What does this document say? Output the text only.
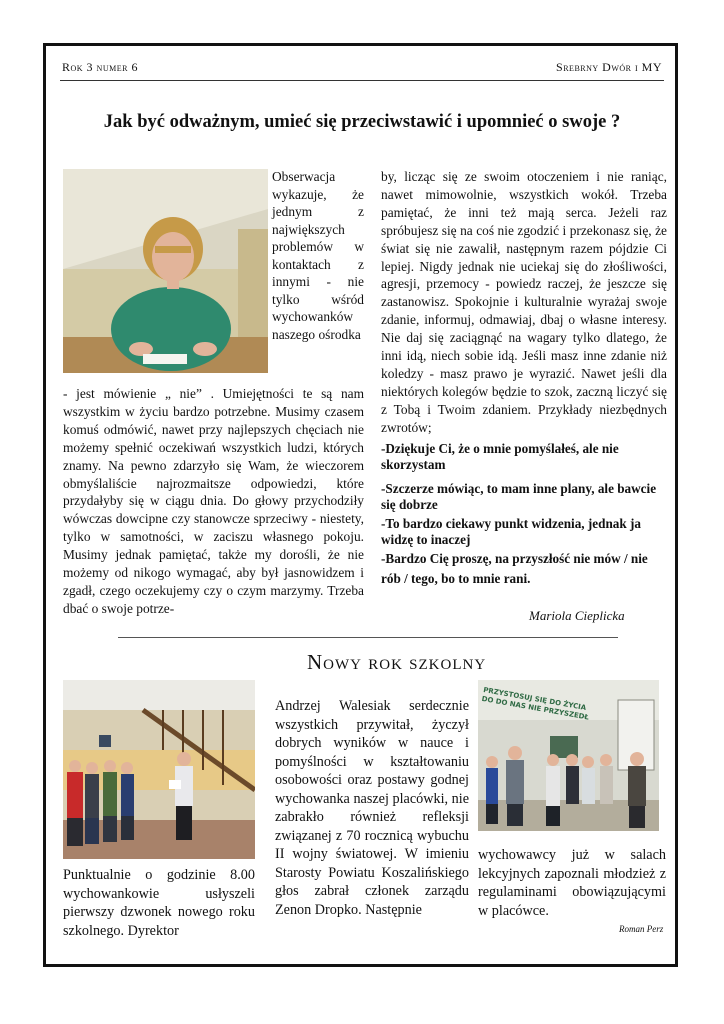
Rok 3 numer 6	Srebrny Dwór i MY
Jak być odważnym, umieć się przeciwstawić i upomnieć o swoje ?
Obserwacja wykazuje, że jednym z największych problemów w kontaktach z innymi - nie tylko wśród wychowanków naszego ośrodka
- jest mówienie „ nie” . Umiejętności te są nam wszystkim w życiu bardzo potrzebne. Musimy czasem komuś odmówić, nawet przy najlepszych chęciach nie możemy spełnić oczekiwań wszystkich ludzi, których znamy. Na pewno zdarzyło się Wam, że wieczorem obmyślaliście najrozmaitsze odpowiedzi, które przydałyby się w ciągu dnia. Do głowy przychodziły wówczas dowcipne czy stanowcze sprzeciwy - niestety, tylko w samotności, w zaciszu własnego pokoju. Musimy jednak pamiętać, także my dorośli, że nie możemy od nikogo wymagać, aby był jasnowidzem i zgadł, czego oczekujemy czy o czym marzymy. Trzeba dbać o swoje potrze-
by, licząc się ze swoim otoczeniem i nie raniąc, nawet mimowolnie, wszystkich wokół. Trzeba pamiętać, że inni też mają serca. Jeżeli raz spróbujesz się na coś nie zgodzić i przekonasz się, że świat się nie zawalił, następnym razem pójdzie Ci lepiej. Nigdy jednak nie uciekaj się do złośliwości, agresji, przemocy - powiedz raczej, że jeszcze się zastanowisz. Spokojnie i kulturalnie wyrażaj swoje zdanie, informuj, odmawiaj, dbaj o własne interesy. Nie daj się zaciągnąć na wagary tylko dlatego, że inni idą, niech sobie idą. Jeśli masz inne zdanie niż koledzy - masz prawo je wyrazić. Nawet jeśli dla niektórych kolegów będzie to szok, zaczną liczyć się z Tobą i Twoim zdaniem. Przykłady niezbędnych zwrotów;
-Dziękuje Ci, że o mnie pomyślałeś, ale nie skorzystam
-Szczerze mówiąc, to mam inne plany, ale bawcie się dobrze
-To bardzo ciekawy punkt widzenia, jednak ja widzę to inaczej
-Bardzo Cię proszę, na przyszłość nie mów / nie rób / tego, bo to mnie rani.
Mariola Cieplicka
Nowy rok szkolny
Punktualnie o godzinie 8.00 wychowankowie usłyszeli pierwszy dzwonek nowego roku szkolnego. Dyrektor
Andrzej Walesiak serdecznie wszystkich przywitał, życzył dobrych wyników w nauce i pomyślności w kształtowaniu osobowości oraz postawy godnej wychowanka naszej placówki, nie zabrakło również refleksji związanej z 70 rocznicą wybuchu II wojny światowej. W imieniu Starosty Powiatu Koszalińskiego głos zabrał członek zarządu Zenon Dropko. Następnie
PRZYSTOSUJ SIĘ DO ŻYCIA DO DO NAS NIE PRZYSZEDŁ
wychowawcy już w salach lekcyjnych zapoznali młodzież z regulaminami obowiązującymi w placówce.
Roman Perz
